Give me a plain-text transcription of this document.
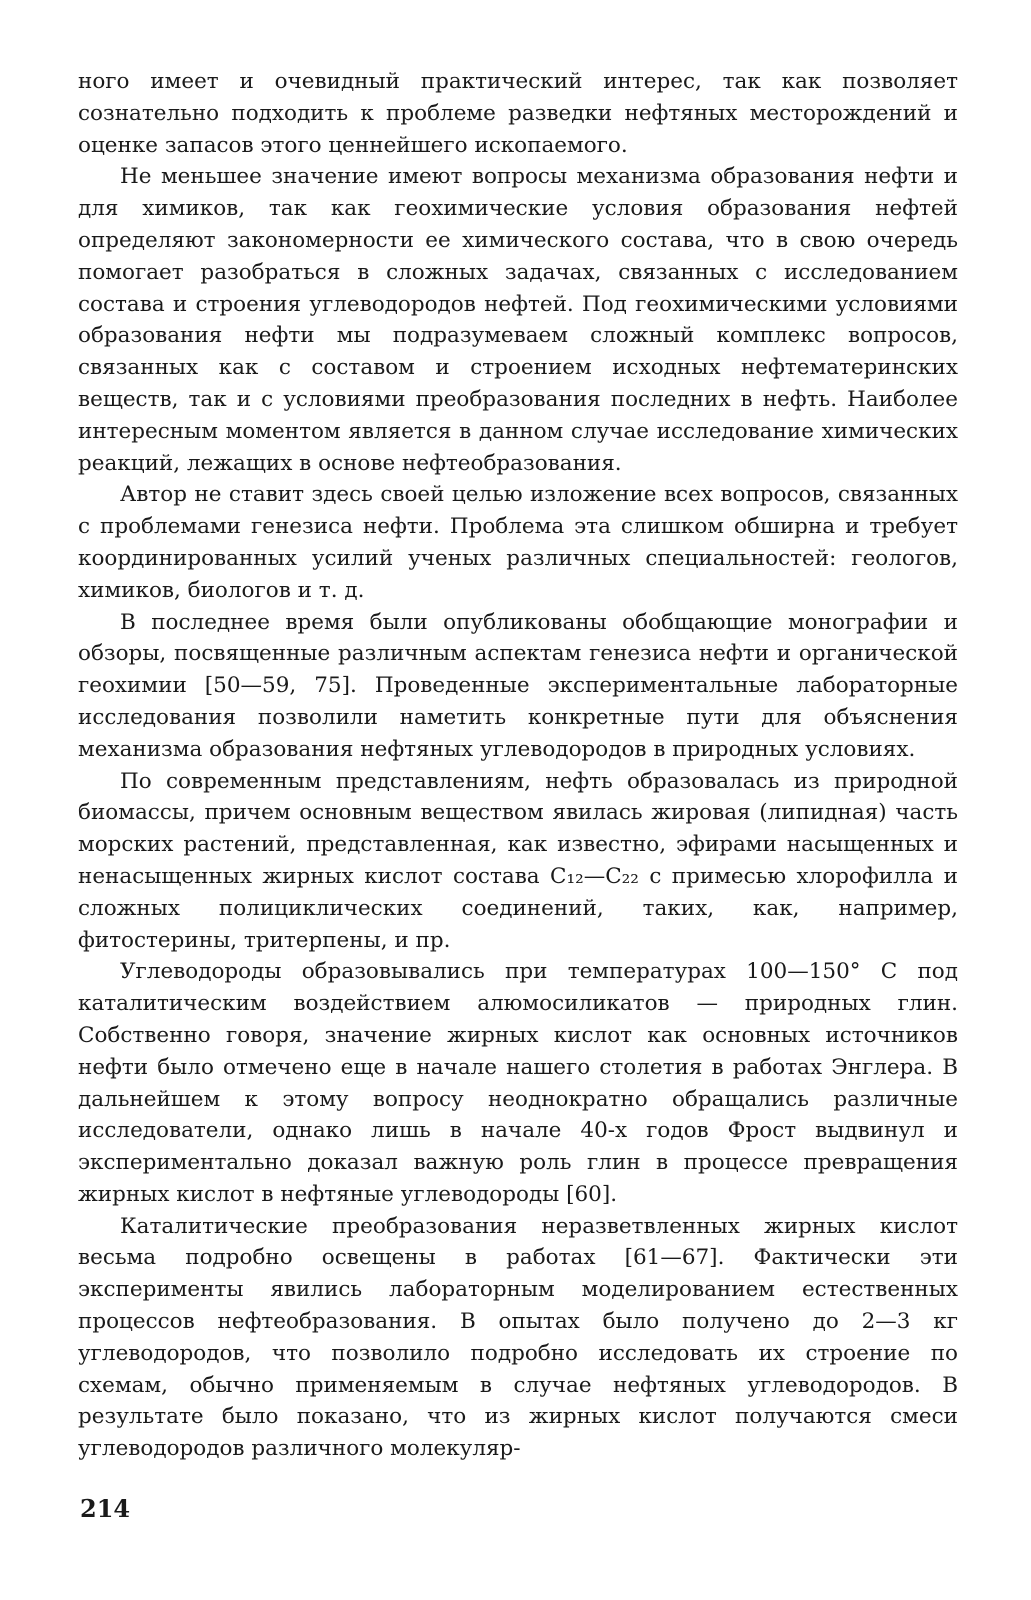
ного имеет и очевидный практический интерес, так как позволяет сознательно подходить к проблеме разведки нефтяных месторождений и оценке запасов этого ценнейшего ископаемого.

Не меньшее значение имеют вопросы механизма образования нефти и для химиков, так как геохимические условия образования нефтей определяют закономерности ее химического состава, что в свою очередь помогает разобраться в сложных задачах, связанных с исследованием состава и строения углеводородов нефтей. Под геохимическими условиями образования нефти мы подразумеваем сложный комплекс вопросов, связанных как с составом и строением исходных нефтематеринских веществ, так и с условиями преобразования последних в нефть. Наиболее интересным моментом является в данном случае исследование химических реакций, лежащих в основе нефтеобразования.

Автор не ставит здесь своей целью изложение всех вопросов, связанных с проблемами генезиса нефти. Проблема эта слишком обширна и требует координированных усилий ученых различных специальностей: геологов, химиков, биологов и т. д.

В последнее время были опубликованы обобщающие монографии и обзоры, посвященные различным аспектам генезиса нефти и органической геохимии [50—59, 75]. Проведенные экспериментальные лабораторные исследования позволили наметить конкретные пути для объяснения механизма образования нефтяных углеводородов в природных условиях.

По современным представлениям, нефть образовалась из природной биомассы, причем основным веществом явилась жировая (липидная) часть морских растений, представленная, как известно, эфирами насыщенных и ненасыщенных жирных кислот состава C₁₂—C₂₂ с примесью хлорофилла и сложных полициклических соединений, таких, как, например, фитостерины, тритерпены, и пр.

Углеводороды образовывались при температурах 100—150° С под каталитическим воздействием алюмосиликатов — природных глин. Собственно говоря, значение жирных кислот как основных источников нефти было отмечено еще в начале нашего столетия в работах Энглера. В дальнейшем к этому вопросу неоднократно обращались различные исследователи, однако лишь в начале 40-х годов Фрост выдвинул и экспериментально доказал важную роль глин в процессе превращения жирных кислот в нефтяные углеводороды [60].

Каталитические преобразования неразветвленных жирных кислот весьма подробно освещены в работах [61—67]. Фактически эти эксперименты явились лабораторным моделированием естественных процессов нефтеобразования. В опытах было получено до 2—3 кг углеводородов, что позволило подробно исследовать их строение по схемам, обычно применяемым в случае нефтяных углеводородов. В результате было показано, что из жирных кислот получаются смеси углеводородов различного молекуляр-

214
